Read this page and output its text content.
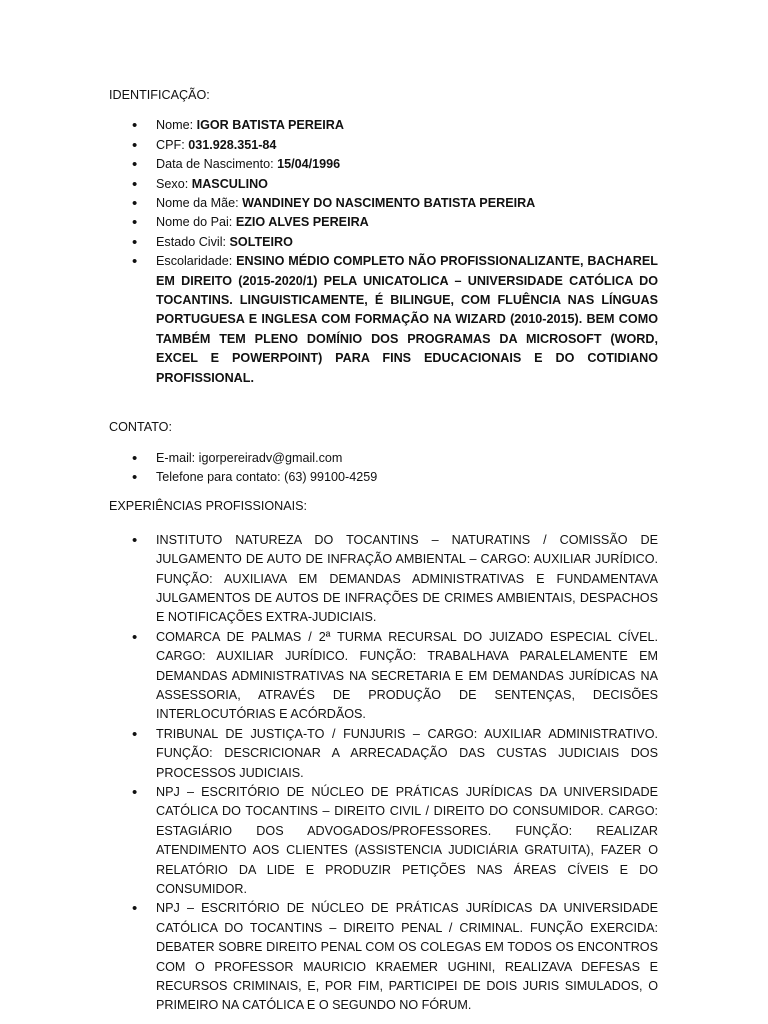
IDENTIFICAÇÃO:
• Nome: IGOR BATISTA PEREIRA
• CPF: 031.928.351-84
• Data de Nascimento: 15/04/1996
• Sexo: MASCULINO
• Nome da Mãe: WANDINEY DO NASCIMENTO BATISTA PEREIRA
• Nome do Pai: EZIO ALVES PEREIRA
• Estado Civil: SOLTEIRO
• Escolaridade: ENSINO MÉDIO COMPLETO NÃO PROFISSIONALIZANTE, BACHAREL EM DIREITO (2015-2020/1) PELA UNICATOLICA – UNIVERSIDADE CATÓLICA DO TOCANTINS. LINGUISTICAMENTE, É BILINGUE, COM FLUÊNCIA NAS LÍNGUAS PORTUGUESA E INGLESA COM FORMAÇÃO NA WIZARD (2010-2015). BEM COMO TAMBÉM TEM PLENO DOMÍNIO DOS PROGRAMAS DA MICROSOFT (WORD, EXCEL E POWERPOINT) PARA FINS EDUCACIONAIS E DO COTIDIANO PROFISSIONAL.
CONTATO:
• E-mail: igorpereiradv@gmail.com
• Telefone para contato: (63) 99100-4259
EXPERIÊNCIAS PROFISSIONAIS:
• INSTITUTO NATUREZA DO TOCANTINS – NATURATINS / COMISSÃO DE JULGAMENTO DE AUTO DE INFRAÇÃO AMBIENTAL – CARGO: AUXILIAR JURÍDICO. FUNÇÃO: AUXILIAVA EM DEMANDAS ADMINISTRATIVAS E FUNDAMENTAVA JULGAMENTOS DE AUTOS DE INFRAÇÕES DE CRIMES AMBIENTAIS, DESPACHOS E NOTIFICAÇÕES EXTRA-JUDICIAIS.
• COMARCA DE PALMAS / 2ª TURMA RECURSAL DO JUIZADO ESPECIAL CÍVEL. CARGO: AUXILIAR JURÍDICO. FUNÇÃO: TRABALHAVA PARALELAMENTE EM DEMANDAS ADMINISTRATIVAS NA SECRETARIA E EM DEMANDAS JURÍDICAS NA ASSESSORIA, ATRAVÉS DE PRODUÇÃO DE SENTENÇAS, DECISÕES INTERLOCUTÓRIAS E ACÓRDÃOS.
• TRIBUNAL DE JUSTIÇA-TO / FUNJURIS – CARGO: AUXILIAR ADMINISTRATIVO. FUNÇÃO: DESCRICIONAR A ARRECADAÇÃO DAS CUSTAS JUDICIAIS DOS PROCESSOS JUDICIAIS.
• NPJ – ESCRITÓRIO DE NÚCLEO DE PRÁTICAS JURÍDICAS DA UNIVERSIDADE CATÓLICA DO TOCANTINS – DIREITO CIVIL / DIREITO DO CONSUMIDOR. CARGO: ESTAGIÁRIO DOS ADVOGADOS/PROFESSORES. FUNÇÃO: REALIZAR ATENDIMENTO AOS CLIENTES (ASSISTENCIA JUDICIÁRIA GRATUITA), FAZER O RELATÓRIO DA LIDE E PRODUZIR PETIÇÕES NAS ÁREAS CÍVEIS E DO CONSUMIDOR.
• NPJ – ESCRITÓRIO DE NÚCLEO DE PRÁTICAS JURÍDICAS DA UNIVERSIDADE CATÓLICA DO TOCANTINS – DIREITO PENAL / CRIMINAL. FUNÇÃO EXERCIDA: DEBATER SOBRE DIREITO PENAL COM OS COLEGAS EM TODOS OS ENCONTROS COM O PROFESSOR MAURICIO KRAEMER UGHINI, REALIZAVA DEFESAS E RECURSOS CRIMINAIS, E, POR FIM, PARTICIPEI DE DOIS JURIS SIMULADOS, O PRIMEIRO NA CATÓLICA E O SEGUNDO NO FÓRUM.
